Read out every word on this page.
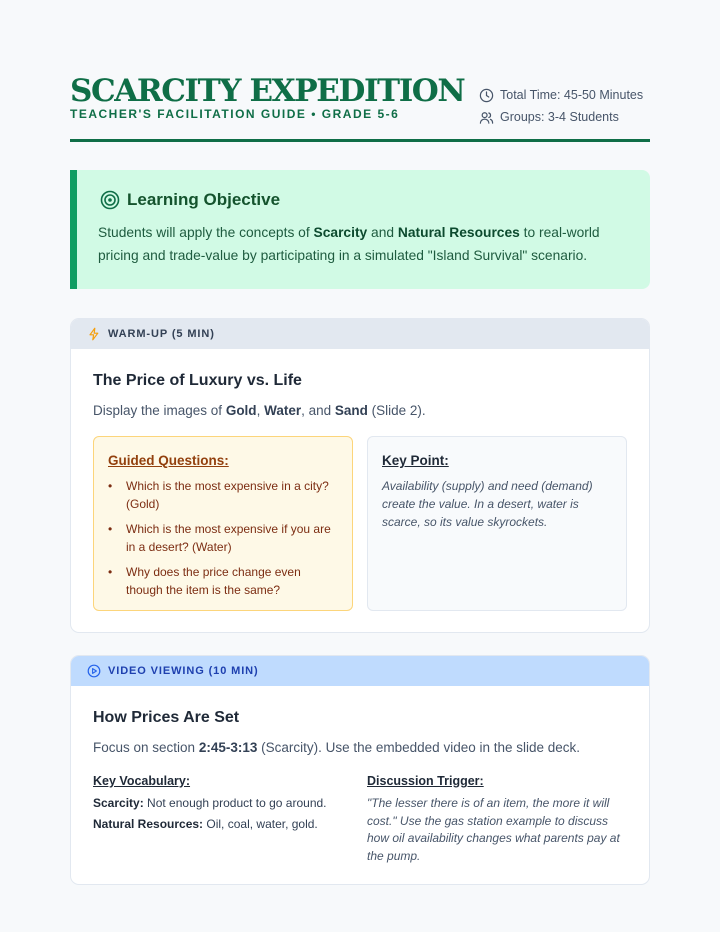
SCARCITY EXPEDITION
TEACHER'S FACILITATION GUIDE • GRADE 5-6
Total Time: 45-50 Minutes
Groups: 3-4 Students
Learning Objective

Students will apply the concepts of Scarcity and Natural Resources to real-world pricing and trade-value by participating in a simulated "Island Survival" scenario.

WARM-UP (5 MIN)
The Price of Luxury vs. Life
Display the images of Gold, Water, and Sand (Slide 2).
Guided Questions:
• Which is the most expensive in a city? (Gold)
• Which is the most expensive if you are in a desert? (Water)
• Why does the price change even though the item is the same?
Key Point:
Availability (supply) and need (demand) create the value. In a desert, water is scarce, so its value skyrockets.
VIDEO VIEWING (10 MIN)
How Prices Are Set
Focus on section 2:45-3:13 (Scarcity). Use the embedded video in the slide deck.
Key Vocabulary:
Scarcity: Not enough product to go around.
Natural Resources: Oil, coal, water, gold.
Discussion Trigger:
"The lesser there is of an item, the more it will cost." Use the gas station example to discuss how oil availability changes what parents pay at the pump.
